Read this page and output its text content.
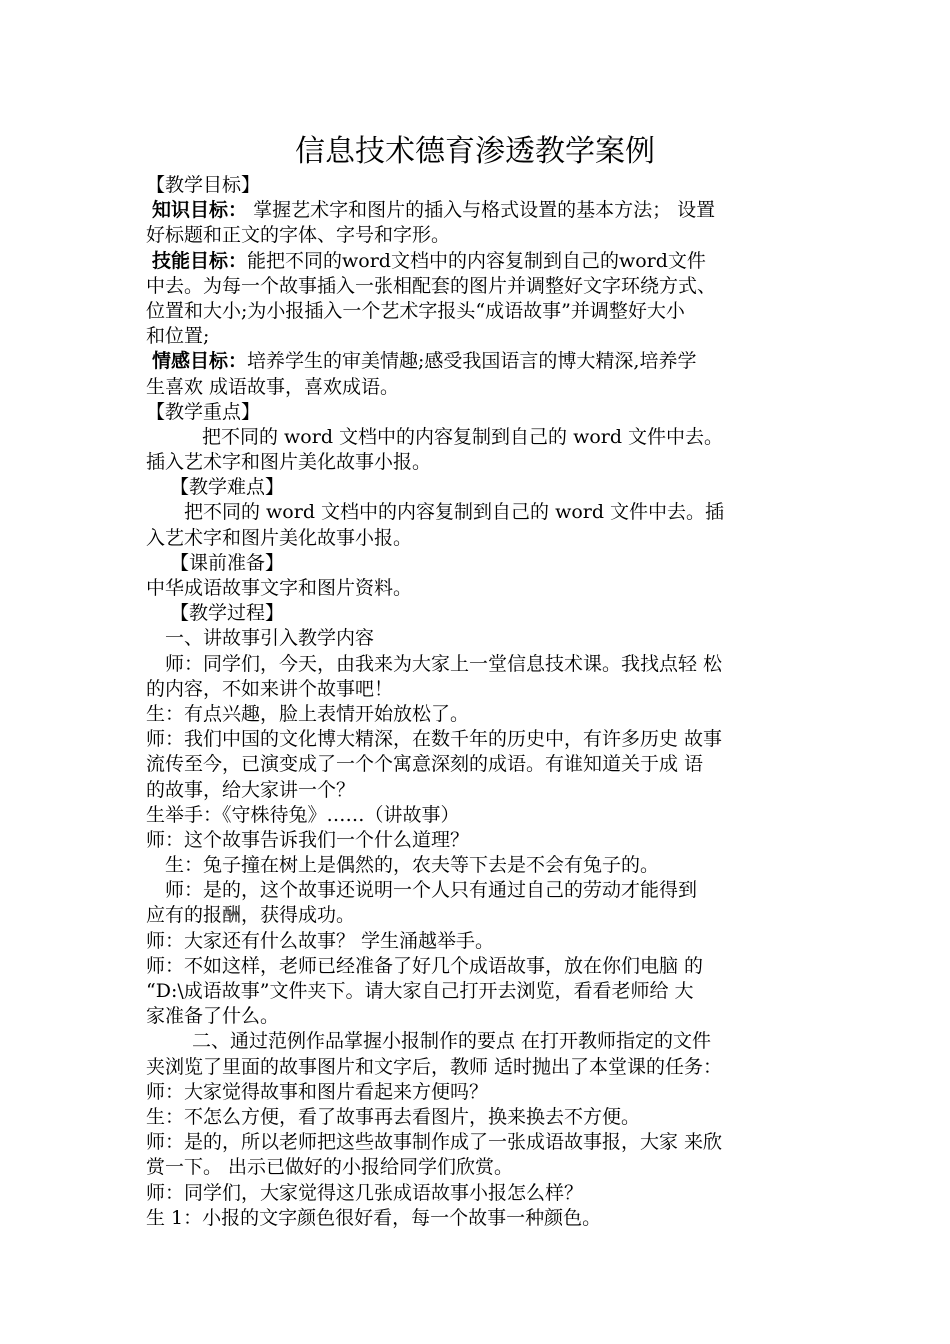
信息技术德育渗透教学案例
【教学目标】
知识目标： 掌握艺术字和图片的插入与格式设置的基本方法； 设置
好标题和正文的字体、字号和字形。
技能目标：能把不同的word文档中的内容复制到自己的word文件
中去。为每一个故事插入一张相配套的图片并调整好文字环绕方式、
位置和大小;为小报插入一个艺术字报头“成语故事”并调整好大小
和位置;
情感目标：培养学生的审美情趣;感受我国语言的博大精深,培养学
生喜欢 成语故事，喜欢成语。
【教学重点】
把不同的 word 文档中的内容复制到自己的 word 文件中去。
插入艺术字和图片美化故事小报。
【教学难点】
把不同的 word 文档中的内容复制到自己的 word 文件中去。插
入艺术字和图片美化故事小报。
【课前准备】
中华成语故事文字和图片资料。
【教学过程】
一、讲故事引入教学内容
师：同学们，今天，由我来为大家上一堂信息技术课。我找点轻 松
的内容，不如来讲个故事吧！
生：有点兴趣，脸上表情开始放松了。
师：我们中国的文化博大精深，在数千年的历史中，有许多历史 故事
流传至今，已演变成了一个个寓意深刻的成语。有谁知道关于成 语
的故事，给大家讲一个？
生举手：《守株待兔》……（讲故事）
师：这个故事告诉我们一个什么道理？
生：兔子撞在树上是偶然的，农夫等下去是不会有兔子的。
师：是的，这个故事还说明一个人只有通过自己的劳动才能得到
应有的报酬，获得成功。
师：大家还有什么故事？ 学生涌越举手。
师：不如这样，老师已经准备了好几个成语故事，放在你们电脑 的
“D:\成语故事”文件夹下。请大家自己打开去浏览，看看老师给 大
家准备了什么。
二、通过范例作品掌握小报制作的要点 在打开教师指定的文件
夹浏览了里面的故事图片和文字后，教师 适时抛出了本堂课的任务：
师：大家觉得故事和图片看起来方便吗？
生：不怎么方便，看了故事再去看图片，换来换去不方便。
师：是的，所以老师把这些故事制作成了一张成语故事报，大家 来欣
赏一下。 出示已做好的小报给同学们欣赏。
师：同学们，大家觉得这几张成语故事小报怎么样？
生 1：小报的文字颜色很好看，每一个故事一种颜色。
